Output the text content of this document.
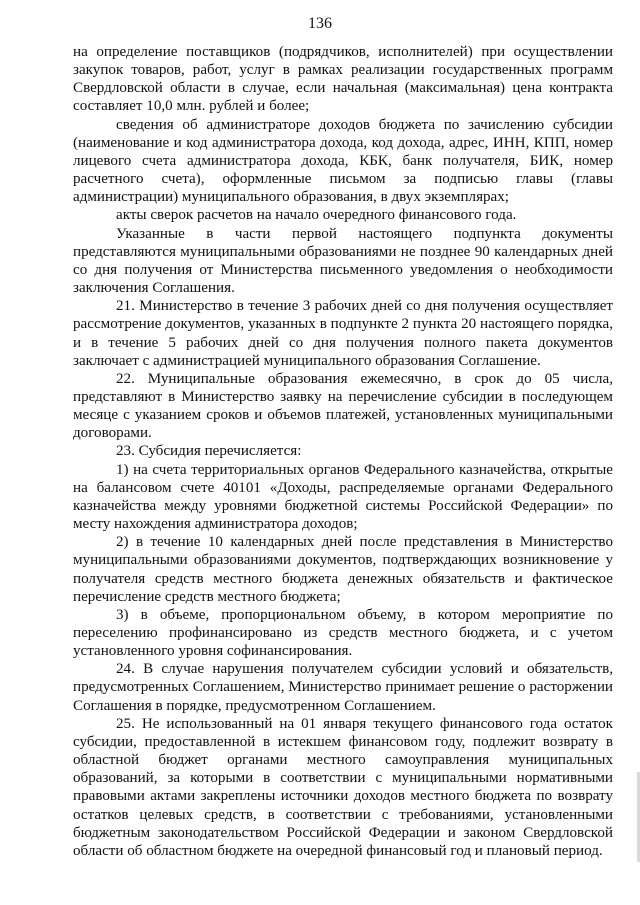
136

на определение поставщиков (подрядчиков, исполнителей) при осуществлении закупок товаров, работ, услуг в рамках реализации государственных программ Свердловской области в случае, если начальная (максимальная) цена контракта составляет 10,0 млн. рублей и более;

сведения об администраторе доходов бюджета по зачислению субсидии (наименование и код администратора дохода, код дохода, адрес, ИНН, КПП, номер лицевого счета администратора дохода, КБК, банк получателя, БИК, номер расчетного счета), оформленные письмом за подписью главы (главы администрации) муниципального образования, в двух экземплярах;

акты сверок расчетов на начало очередного финансового года.

Указанные в части первой настоящего подпункта документы представляются муниципальными образованиями не позднее 90 календарных дней со дня получения от Министерства письменного уведомления о необходимости заключения Соглашения.

21. Министерство в течение 3 рабочих дней со дня получения осуществляет рассмотрение документов, указанных в подпункте 2 пункта 20 настоящего порядка, и в течение 5 рабочих дней со дня получения полного пакета документов заключает с администрацией муниципального образования Соглашение.

22. Муниципальные образования ежемесячно, в срок до 05 числа, представляют в Министерство заявку на перечисление субсидии в последующем месяце с указанием сроков и объемов платежей, установленных муниципальными договорами.

23. Субсидия перечисляется:

1) на счета территориальных органов Федерального казначейства, открытые на балансовом счете 40101 «Доходы, распределяемые органами Федерального казначейства между уровнями бюджетной системы Российской Федерации» по месту нахождения администратора доходов;

2) в течение 10 календарных дней после представления в Министерство муниципальными образованиями документов, подтверждающих возникновение у получателя средств местного бюджета денежных обязательств и фактическое перечисление средств местного бюджета;

3) в объеме, пропорциональном объему, в котором мероприятие по переселению профинансировано из средств местного бюджета, и с учетом установленного уровня софинансирования.

24. В случае нарушения получателем субсидии условий и обязательств, предусмотренных Соглашением, Министерство принимает решение о расторжении Соглашения в порядке, предусмотренном Соглашением.

25. Не использованный на 01 января текущего финансового года остаток субсидии, предоставленной в истекшем финансовом году, подлежит возврату в областной бюджет органами местного самоуправления муниципальных образований, за которыми в соответствии с муниципальными нормативными правовыми актами закреплены источники доходов местного бюджета по возврату остатков целевых средств, в соответствии с требованиями, установленными бюджетным законодательством Российской Федерации и законом Свердловской области об областном бюджете на очередной финансовый год и плановый период.
